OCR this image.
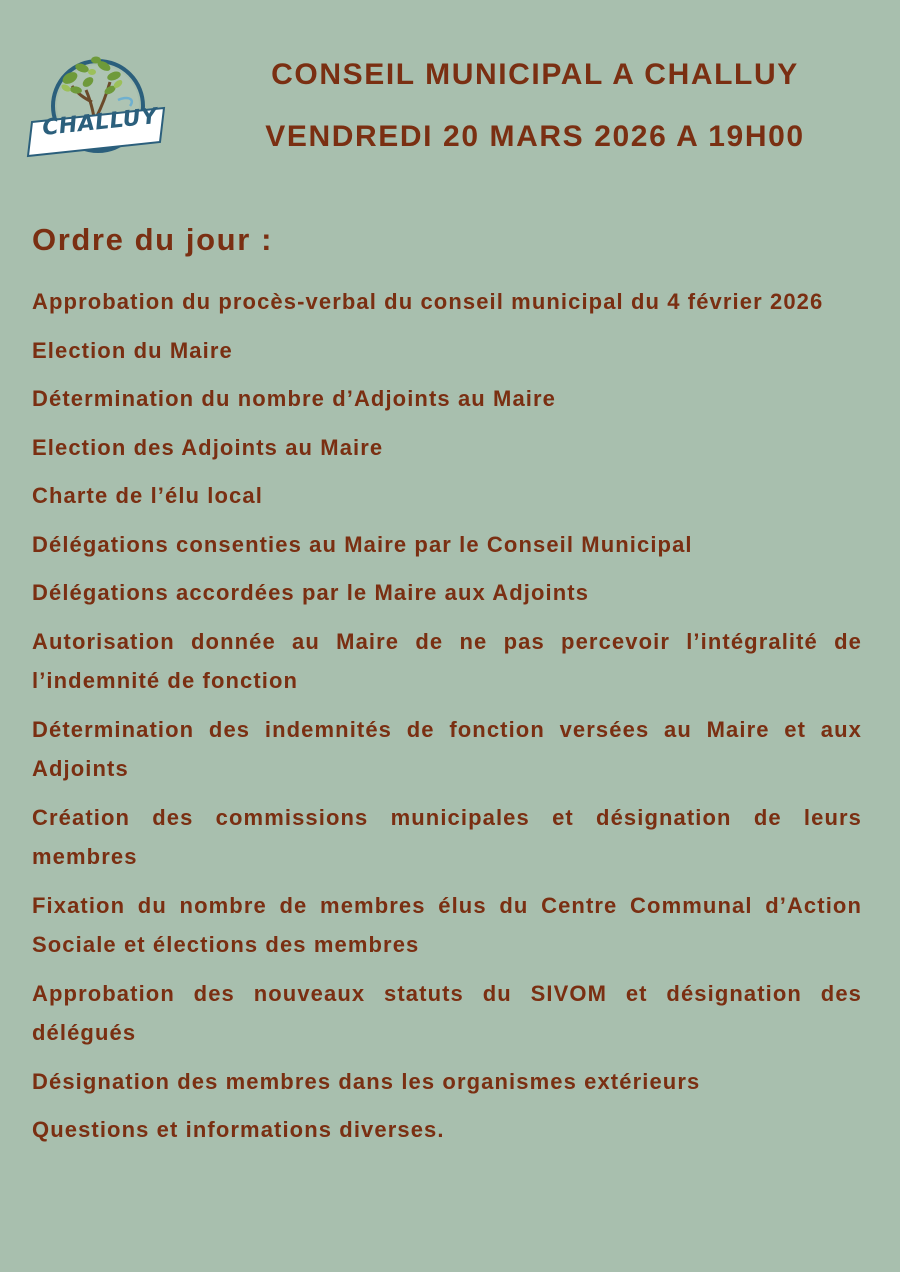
CHALLUY
CONSEIL MUNICIPAL A CHALLUY
VENDREDI 20 MARS 2026 A 19H00
Ordre du jour :
Approbation du procès-verbal du conseil municipal du 4 février 2026
Election du Maire
Détermination du nombre d’Adjoints au Maire
Election des Adjoints au Maire
Charte de l’élu local
Délégations consenties au Maire par le Conseil Municipal
Délégations accordées par le Maire aux Adjoints
Autorisation donnée au Maire de ne pas percevoir l’intégralité de l’indemnité de fonction
Détermination des indemnités de fonction versées au Maire et aux Adjoints
Création des commissions municipales et désignation de leurs membres
Fixation du nombre de membres élus du Centre Communal d’Action Sociale et élections des membres
Approbation des nouveaux statuts du SIVOM et désignation des délégués
Désignation des membres dans les organismes extérieurs
Questions et informations diverses.
